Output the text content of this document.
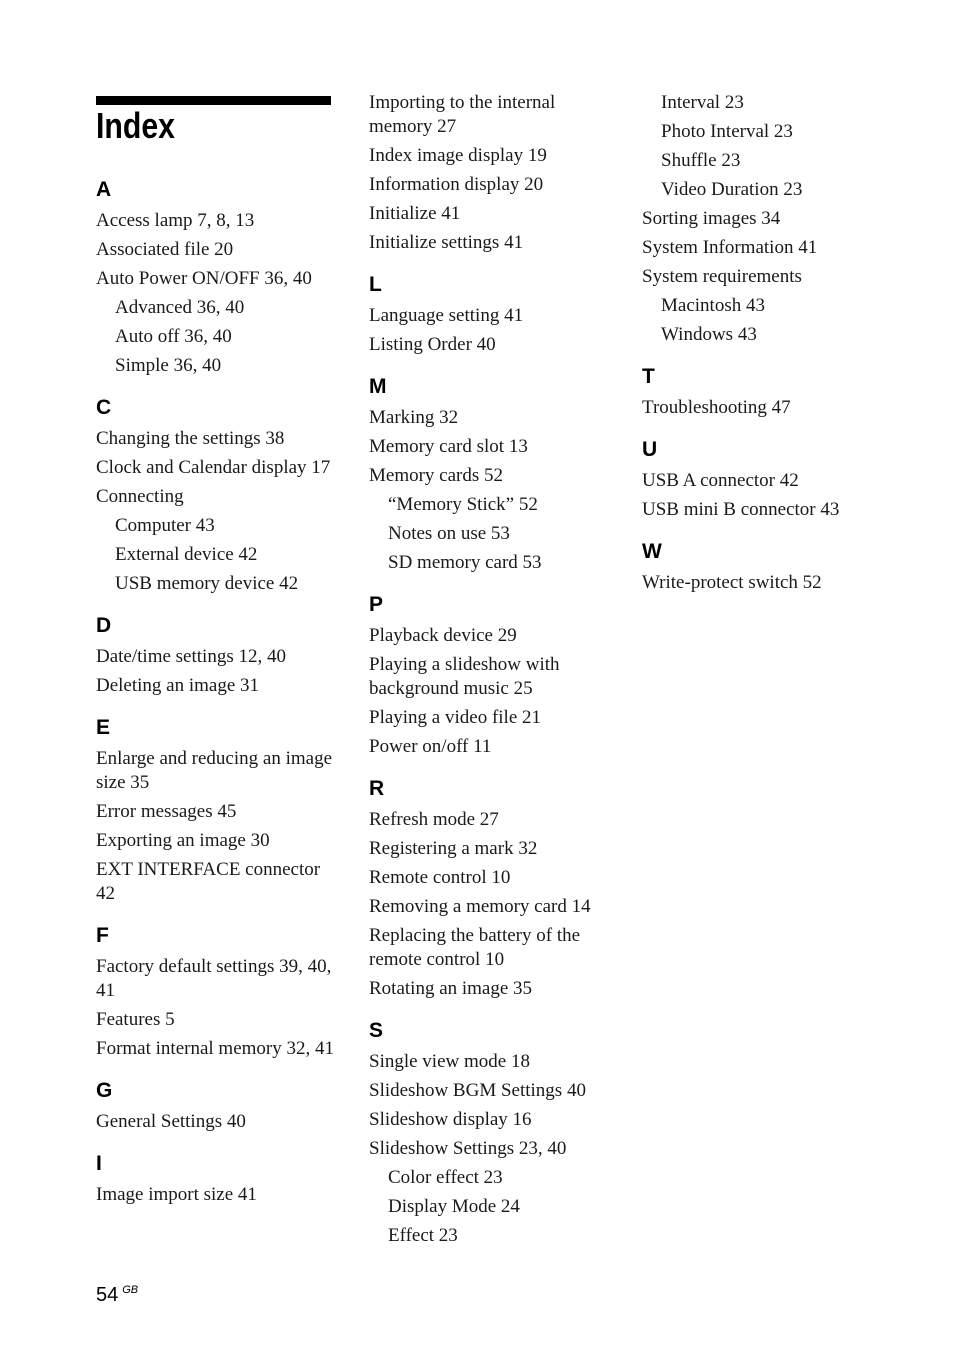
Index
A
Access lamp 7, 8, 13
Associated file 20
Auto Power ON/OFF 36, 40
Advanced 36, 40
Auto off 36, 40
Simple 36, 40
C
Changing the settings 38
Clock and Calendar display 17
Connecting
Computer 43
External device 42
USB memory device 42
D
Date/time settings 12, 40
Deleting an image 31
E
Enlarge and reducing an image size 35
Error messages 45
Exporting an image 30
EXT INTERFACE connector 42
F
Factory default settings 39, 40, 41
Features 5
Format internal memory 32, 41
G
General Settings 40
I
Image import size 41
Importing to the internal memory 27
Index image display 19
Information display 20
Initialize 41
Initialize settings 41
L
Language setting 41
Listing Order 40
M
Marking 32
Memory card slot 13
Memory cards 52
“Memory Stick” 52
Notes on use 53
SD memory card 53
P
Playback device 29
Playing a slideshow with background music 25
Playing a video file 21
Power on/off 11
R
Refresh mode 27
Registering a mark 32
Remote control 10
Removing a memory card 14
Replacing the battery of the remote control 10
Rotating an image 35
S
Single view mode 18
Slideshow BGM Settings 40
Slideshow display 16
Slideshow Settings 23, 40
Color effect 23
Display Mode 24
Effect 23
Interval 23
Photo Interval 23
Shuffle 23
Video Duration 23
Sorting images 34
System Information 41
System requirements
Macintosh 43
Windows 43
T
Troubleshooting 47
U
USB A connector 42
USB mini B connector 43
W
Write-protect switch 52
54 $^{GB}$
